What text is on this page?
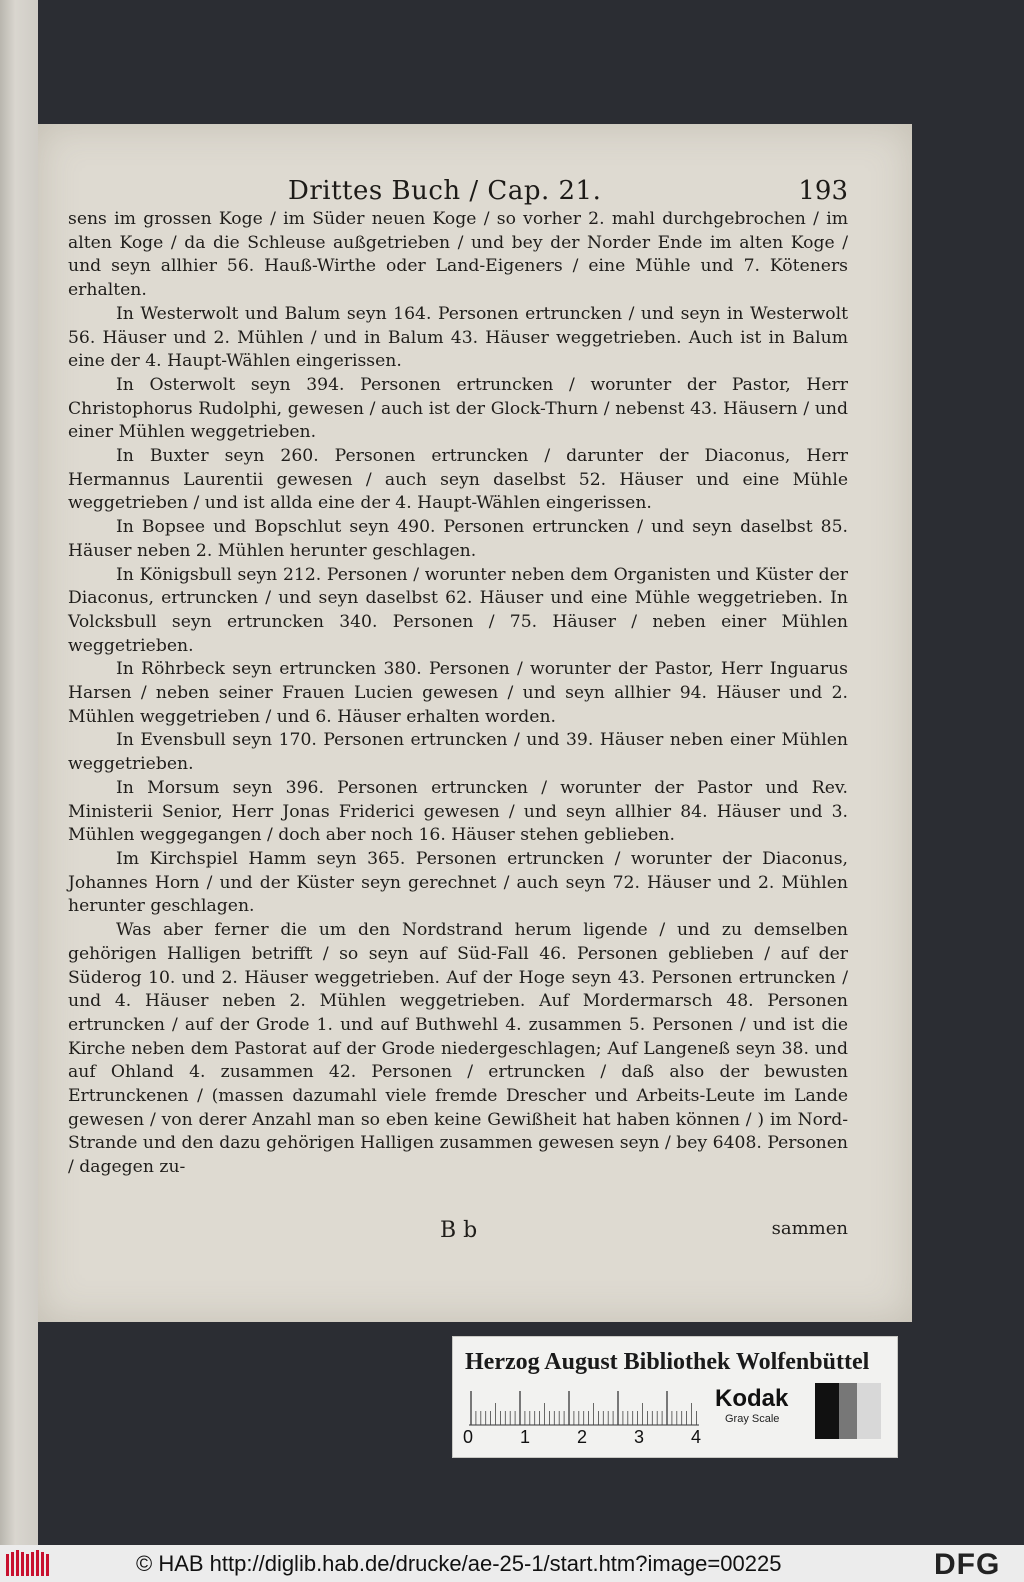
Drittes Buch / Cap. 21.	193

sens im grossen Koge / im Süder neuen Koge / so vorher 2. mahl durchgebrochen / im alten Koge / da die Schleuse außgetrieben / und bey der Norder Ende im alten Koge / und seyn allhier 56. Hauß-Wirthe oder Land-Eigeners / eine Mühle und 7. Köteners erhalten.

In Westerwolt und Balum seyn 164. Personen ertruncken / und seyn in Westerwolt 56. Häuser und 2. Mühlen / und in Balum 43. Häuser weggetrieben. Auch ist in Balum eine der 4. Haupt-Wählen eingerissen.

In Osterwolt seyn 394. Personen ertruncken / worunter der Pastor, Herr Christophorus Rudolphi, gewesen / auch ist der Glock-Thurn / nebenst 43. Häusern / und einer Mühlen weggetrieben.

In Buxter seyn 260. Personen ertruncken / darunter der Diaconus, Herr Hermannus Laurentii gewesen / auch seyn daselbst 52. Häuser und eine Mühle weggetrieben / und ist allda eine der 4. Haupt-Wählen eingerissen.

In Bopsee und Bopschlut seyn 490. Personen ertruncken / und seyn daselbst 85. Häuser neben 2. Mühlen herunter geschlagen.

In Königsbull seyn 212. Personen / worunter neben dem Organisten und Küster der Diaconus, ertruncken / und seyn daselbst 62. Häuser und eine Mühle weggetrieben. In Volcksbull seyn ertruncken 340. Personen / 75. Häuser / neben einer Mühlen weggetrieben.

In Röhrbeck seyn ertruncken 380. Personen / worunter der Pastor, Herr Inguarus Harsen / neben seiner Frauen Lucien gewesen / und seyn allhier 94. Häuser und 2. Mühlen weggetrieben / und 6. Häuser erhalten worden.

In Evensbull seyn 170. Personen ertruncken / und 39. Häuser neben einer Mühlen weggetrieben.

In Morsum seyn 396. Personen ertruncken / worunter der Pastor und Rev. Ministerii Senior, Herr Jonas Friderici gewesen / und seyn allhier 84. Häuser und 3. Mühlen weggegangen / doch aber noch 16. Häuser stehen geblieben.

Im Kirchspiel Hamm seyn 365. Personen ertruncken / worunter der Diaconus, Johannes Horn / und der Küster seyn gerechnet / auch seyn 72. Häuser und 2. Mühlen herunter geschlagen.

Was aber ferner die um den Nordstrand herum ligende / und zu demselben gehörigen Halligen betrifft / so seyn auf Süd-Fall 46. Personen geblieben / auf der Süderog 10. und 2. Häuser weggetrieben. Auf der Hoge seyn 43. Personen ertruncken / und 4. Häuser neben 2. Mühlen weggetrieben. Auf Mordermarsch 48. Personen ertruncken / auf der Grode 1. und auf Buthwehl 4. zusammen 5. Personen / und ist die Kirche neben dem Pastorat auf der Grode niedergeschlagen; Auf Langeneß seyn 38. und auf Ohland 4. zusammen 42. Personen / ertruncken / daß also der bewusten Ertrunckenen / (massen dazumahl viele fremde Drescher und Arbeits-Leute im Lande gewesen / von derer Anzahl man so eben keine Gewißheit hat haben können / ) im Nord-Strande und den dazu gehörigen Halligen zusammen gewesen seyn / bey 6408. Personen / dagegen zu-

B b	sammen
Herzog August Bibliothek Wolfenbüttel
0	1	2	3	4
Kodak
Gray Scale
© HAB http://diglib.hab.de/drucke/ae-25-1/start.htm?image=00225	DFG
